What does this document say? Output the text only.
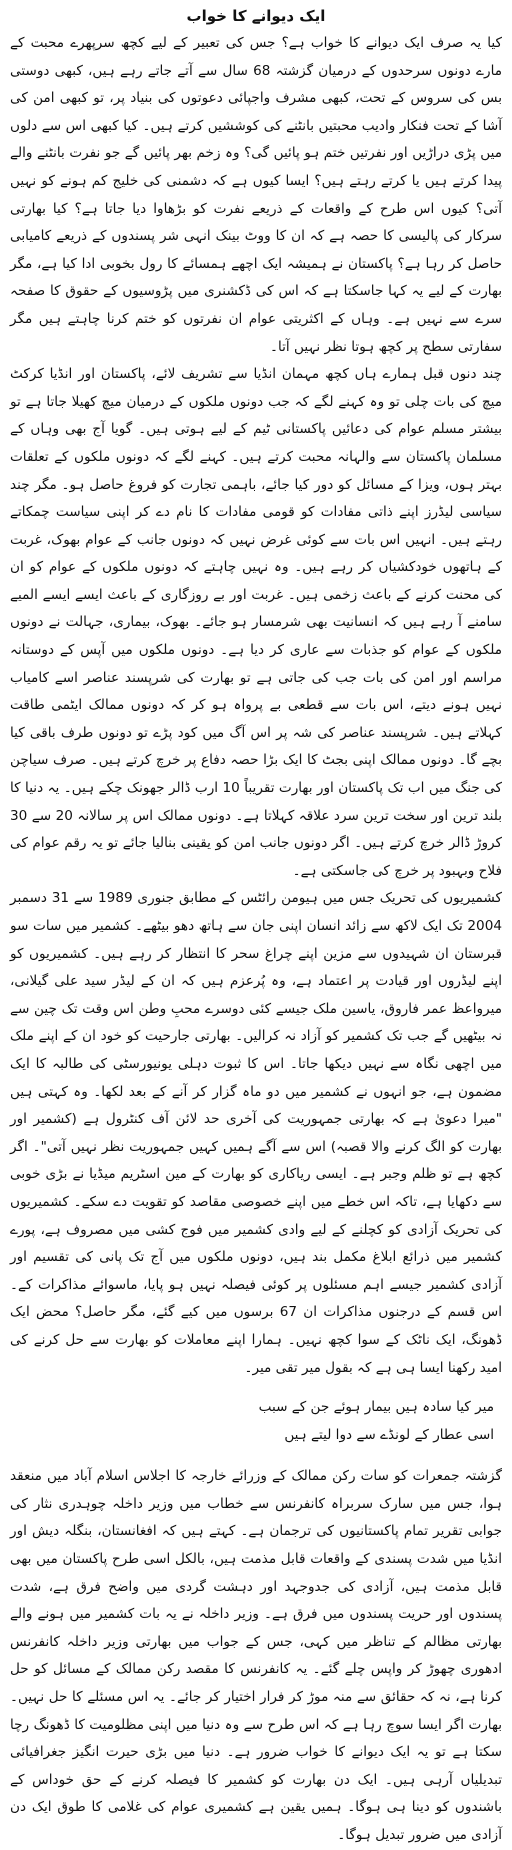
ایک دیوانے کا خواب

کیا یہ صرف ایک دیوانے کا خواب ہے؟ جس کی تعبیر کے لیے کچھ سرپھرے محبت کے مارے دونوں سرحدوں کے درمیان گزشتہ 68 سال سے آتے جاتے رہے ہیں، کبھی دوستی بس کی سروس کے تحت، کبھی مشرف واجپائی دعوتوں کی بنیاد پر، تو کبھی امن کی آشا کے تحت فنکار وادیب محبتیں بانٹنے کی کوششیں کرتے ہیں۔ کیا کبھی اس سے دلوں میں پڑی دراڑیں اور نفرتیں ختم ہو پائیں گی؟ وہ زخم بھر پائیں گے جو نفرت بانٹنے والے پیدا کرتے ہیں یا کرتے رہتے ہیں؟ ایسا کیوں ہے کہ دشمنی کی خلیج کم ہونے کو نہیں آتی؟ کیوں اس طرح کے واقعات کے ذریعے نفرت کو بڑھاوا دیا جاتا ہے؟ کیا بھارتی سرکار کی پالیسی کا حصہ ہے کہ ان کا ووٹ بینک انہی شر پسندوں کے ذریعے کامیابی حاصل کر رہا ہے؟ پاکستان نے ہمیشہ ایک اچھے ہمسائے کا رول بخوبی ادا کیا ہے، مگر بھارت کے لیے یہ کہا جاسکتا ہے کہ اس کی ڈکشنری میں پڑوسیوں کے حقوق کا صفحہ سرے سے نہیں ہے۔ وہاں کے اکثریتی عوام ان نفرتوں کو ختم کرنا چاہتے ہیں مگر سفارتی سطح پر کچھ ہوتا نظر نہیں آتا۔

چند دنوں قبل ہمارے ہاں کچھ مہمان انڈیا سے تشریف لائے، پاکستان اور انڈیا کرکٹ میچ کی بات چلی تو وہ کہنے لگے کہ جب دونوں ملکوں کے درمیان میچ کھیلا جاتا ہے تو بیشتر مسلم عوام کی دعائیں پاکستانی ٹیم کے لیے ہوتی ہیں۔ گویا آج بھی وہاں کے مسلمان پاکستان سے والہانہ محبت کرتے ہیں۔ کہنے لگے کہ دونوں ملکوں کے تعلقات بہتر ہوں، ویزا کے مسائل کو دور کیا جائے، باہمی تجارت کو فروغ حاصل ہو۔ مگر چند سیاسی لیڈرز اپنے ذاتی مفادات کو قومی مفادات کا نام دے کر اپنی سیاست چمکاتے رہتے ہیں۔ انہیں اس بات سے کوئی غرض نہیں کہ دونوں جانب کے عوام بھوک، غربت کے ہاتھوں خودکشیاں کر رہے ہیں۔ وہ نہیں چاہتے کہ دونوں ملکوں کے عوام کو ان کی محنت کرنے کے باعث زخمی ہیں۔ غربت اور بے روزگاری کے باعث ایسے ایسے المیے سامنے آ رہے ہیں کہ انسانیت بھی شرمسار ہو جائے۔ بھوک، بیماری، جہالت نے دونوں ملکوں کے عوام کو جذبات سے عاری کر دیا ہے۔ دونوں ملکوں میں آپس کے دوستانہ مراسم اور امن کی بات جب کی جاتی ہے تو بھارت کی شرپسند عناصر اسے کامیاب نہیں ہونے دیتے، اس بات سے قطعی بے پرواہ ہو کر کہ دونوں ممالک ایٹمی طاقت کہلاتے ہیں۔ شرپسند عناصر کی شہ پر اس آگ میں کود پڑے تو دونوں طرف باقی کیا بچے گا۔ دونوں ممالک اپنی بجٹ کا ایک بڑا حصہ دفاع پر خرچ کرتے ہیں۔ صرف سیاچن کی جنگ میں اب تک پاکستان اور بھارت تقریباً 10 ارب ڈالر جھونک چکے ہیں۔ یہ دنیا کا بلند ترین اور سخت ترین سرد علاقہ کہلاتا ہے۔ دونوں ممالک اس پر سالانہ 20 سے 30 کروڑ ڈالر خرچ کرتے ہیں۔ اگر دونوں جانب امن کو یقینی بنالیا جائے تو یہ رقم عوام کی فلاح وبہبود پر خرچ کی جاسکتی ہے۔

کشمیریوں کی تحریک جس میں ہیومن رائٹس کے مطابق جنوری 1989 سے 31 دسمبر 2004 تک ایک لاکھ سے زائد انسان اپنی جان سے ہاتھ دھو بیٹھے۔ کشمیر میں سات سو قبرستان ان شہیدوں سے مزین اپنے چراغ سحر کا انتظار کر رہے ہیں۔ کشمیریوں کو اپنے لیڈروں اور قیادت پر اعتماد ہے، وہ پُرعزم ہیں کہ ان کے لیڈر سید علی گیلانی، میرواعظ عمر فاروق، یاسین ملک جیسے کئی دوسرے محبِ وطن اس وقت تک چین سے نہ بیٹھیں گے جب تک کشمیر کو آزاد نہ کرالیں۔ بھارتی جارحیت کو خود ان کے اپنے ملک میں اچھی نگاہ سے نہیں دیکھا جاتا۔ اس کا ثبوت دہلی یونیورسٹی کی طالبہ کا ایک مضمون ہے، جو انہوں نے کشمیر میں دو ماہ گزار کر آنے کے بعد لکھا۔ وہ کہتی ہیں "میرا دعویٰ ہے کہ بھارتی جمہوریت کی آخری حد لائن آف کنٹرول ہے (کشمیر اور بھارت کو الگ کرنے والا قصبہ) اس سے آگے ہمیں کہیں جمہوریت نظر نہیں آتی"۔ اگر کچھ ہے تو ظلم وجبر ہے۔ ایسی ریاکاری کو بھارت کے مین اسٹریم میڈیا نے بڑی خوبی سے دکھایا ہے، تاکہ اس خطے میں اپنے خصوصی مقاصد کو تقویت دے سکے۔ کشمیریوں کی تحریک آزادی کو کچلنے کے لیے وادی کشمیر میں فوج کشی میں مصروف ہے، پورے کشمیر میں ذرائع ابلاغ مکمل بند ہیں، دونوں ملکوں میں آج تک پانی کی تقسیم اور آزادی کشمیر جیسے اہم مسئلوں پر کوئی فیصلہ نہیں ہو پایا، ماسوائے مذاکرات کے۔ اس قسم کے درجنوں مذاکرات ان 67 برسوں میں کیے گئے، مگر حاصل؟ محض ایک ڈھونگ، ایک ناٹک کے سوا کچھ نہیں۔ ہمارا اپنے معاملات کو بھارت سے حل کرنے کی امید رکھنا ایسا ہی ہے کہ بقول میر تقی میر۔

میر کیا سادہ ہیں بیمار ہوئے جن کے سبب
اسی عطار کے لونڈے سے دوا لیتے ہیں

گزشتہ جمعرات کو سات رکن ممالک کے وزرائے خارجہ کا اجلاس اسلام آباد میں منعقد ہوا، جس میں سارک سربراہ کانفرنس سے خطاب میں وزیر داخلہ چوہدری نثار کی جوابی تقریر تمام پاکستانیوں کی ترجمان ہے۔ کہتے ہیں کہ افغانستان، بنگلہ دیش اور انڈیا میں شدت پسندی کے واقعات قابل مذمت ہیں، بالکل اسی طرح پاکستان میں بھی قابل مذمت ہیں، آزادی کی جدوجہد اور دہشت گردی میں واضح فرق ہے، شدت پسندوں اور حریت پسندوں میں فرق ہے۔ وزیر داخلہ نے یہ بات کشمیر میں ہونے والے بھارتی مظالم کے تناظر میں کہی، جس کے جواب میں بھارتی وزیر داخلہ کانفرنس ادھوری چھوڑ کر واپس چلے گئے۔ یہ کانفرنس کا مقصد رکن ممالک کے مسائل کو حل کرنا ہے، نہ کہ حقائق سے منہ موڑ کر فرار اختیار کر جائے۔ یہ اس مسئلے کا حل نہیں۔ بھارت اگر ایسا سوچ رہا ہے کہ اس طرح سے وہ دنیا میں اپنی مظلومیت کا ڈھونگ رچا سکتا ہے تو یہ ایک دیوانے کا خواب ضرور ہے۔ دنیا میں بڑی حیرت انگیز جغرافیائی تبدیلیاں آرہی ہیں۔ ایک دن بھارت کو کشمیر کا فیصلہ کرنے کے حق خوداس کے باشندوں کو دینا ہی ہوگا۔ ہمیں یقین ہے کشمیری عوام کی غلامی کا طوق ایک دن آزادی میں ضرور تبدیل ہوگا۔
